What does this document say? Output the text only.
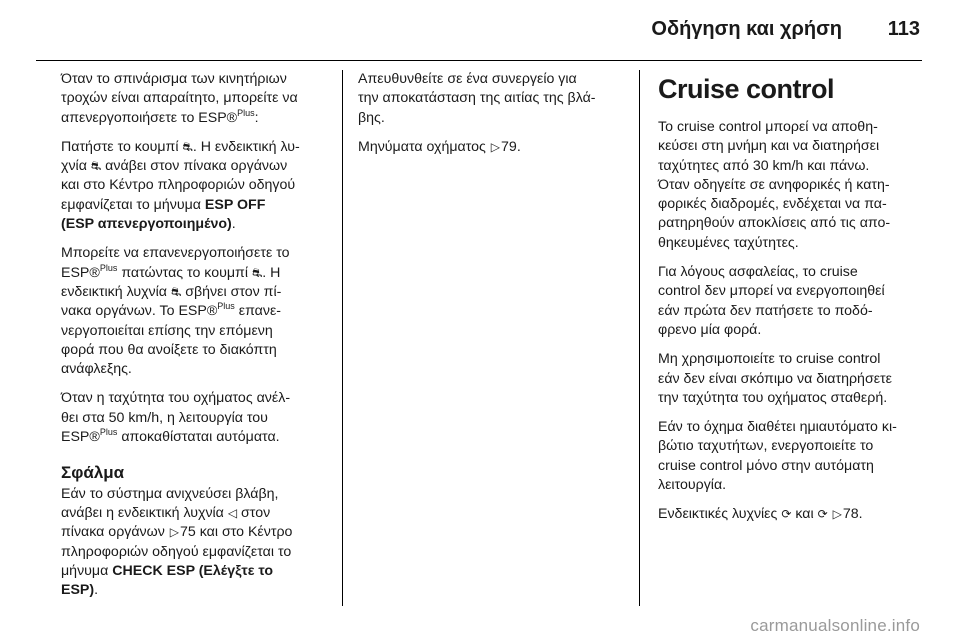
Οδήγηση και χρήση 113

Όταν το σπινάρισμα των κινητήριων
τροχών είναι απαραίτητο, μπορείτε να
απενεργοποιήσετε το ESP®$^{Plus}$:

Πατήστε το κουμπί ⛐. Η ενδεικτική λυ-
χνία ⛐ ανάβει στον πίνακα οργάνων
και στο Κέντρο πληροφοριών οδηγού
εμφανίζεται το μήνυμα ESP OFF
(ESP απενεργοποιημένο).

Μπορείτε να επανενεργοποιήσετε το
ESP®$^{Plus}$ πατώντας το κουμπί ⛐. Η
ενδεικτική λυχνία ⛐ σβήνει στον πί-
νακα οργάνων. Το ESP®$^{Plus}$ επανε-
νεργοποιείται επίσης την επόμενη
φορά που θα ανοίξετε το διακόπτη
ανάφλεξης.

Όταν η ταχύτητα του οχήματος ανέλ-
θει στα 50 km/h, η λειτουργία του
ESP®$^{Plus}$ αποκαθίσταται αυτόματα.

Σφάλμα

Εάν το σύστημα ανιχνεύσει βλάβη,
ανάβει η ενδεικτική λυχνία ◁ στον
πίνακα οργάνων ▷75 και στο Κέντρο
πληροφοριών οδηγού εμφανίζεται το
μήνυμα CHECK ESP (Ελέγξτε το
ESP).

Απευθυνθείτε σε ένα συνεργείο για
την αποκατάσταση της αιτίας της βλά-
βης.

Μηνύματα οχήματος ▷79.

Cruise control

Το cruise control μπορεί να αποθη-
κεύσει στη μνήμη και να διατηρήσει
ταχύτητες από 30 km/h και πάνω.
Όταν οδηγείτε σε ανηφορικές ή κατη-
φορικές διαδρομές, ενδέχεται να πα-
ρατηρηθούν αποκλίσεις από τις απο-
θηκευμένες ταχύτητες.

Για λόγους ασφαλείας, το cruise
control δεν μπορεί να ενεργοποιηθεί
εάν πρώτα δεν πατήσετε το ποδό-
φρενο μία φορά.

Μη χρησιμοποιείτε το cruise control
εάν δεν είναι σκόπιμο να διατηρήσετε
την ταχύτητα του οχήματος σταθερή.

Εάν το όχημα διαθέτει ημιαυτόματο κι-
βώτιο ταχυτήτων, ενεργοποιείτε το
cruise control μόνο στην αυτόματη
λειτουργία.

Ενδεικτικές λυχνίες ⟳ και ⟳ ▷78.

carmanualsonline.info
